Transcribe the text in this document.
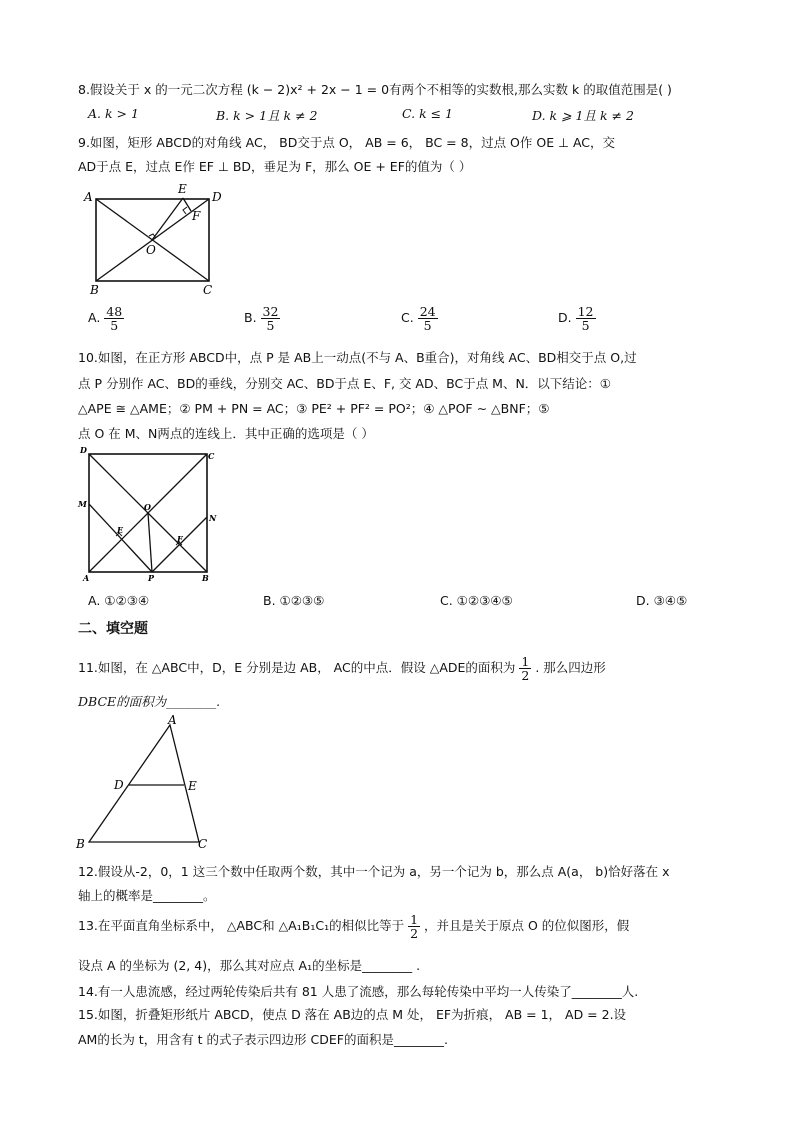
8.假设关于 x 的一元二次方程 (k − 2)x² + 2x − 1 = 0有两个不相等的实数根,那么实数 k 的取值范围是( )
A. k > 1	B. k > 1且 k ≠ 2	C. k ≤ 1	D. k ⩾ 1且 k ≠ 2
9.如图，矩形 ABCD的对角线 AC， BD交于点 O， AB = 6， BC = 8，过点 O作 OE ⊥ AC，交
AD于点 E，过点 E作 EF ⊥ BD，垂足为 F，那么 OE + EF的值为（ ）
A
E
D
F
O
B	C
A. $\frac{48}{5}$	B. $\frac{32}{5}$	C. $\frac{24}{5}$	D. $\frac{12}{5}$
10.如图，在正方形 ABCD中，点 P 是 AB上一动点(不与 A、B重合)，对角线 AC、BD相交于点 O,过
点 P 分别作 AC、BD的垂线，分别交 AC、BD于点 E、F, 交 AD、BC于点 M、N．以下结论：①
△APE ≅ △AME；② PM + PN = AC；③ PE² + PF² = PO²；④ △POF ∼ △BNF；⑤
点 O 在 M、N两点的连线上．其中正确的选项是（ ）
D
C
M	O
N
E
F
A	P	B
A. ①②③④	B. ①②③⑤	C. ①②③④⑤	D. ③④⑤
二、填空题
11.如图，在 △ABC中，D，E 分别是边 AB， AC的中点．假设 △ADE的面积为 $\frac{1}{2}$ . 那么四边形
DBCE的面积为________.
A
D	E
B	C
12.假设从-2，0，1 这三个数中任取两个数，其中一个记为 a，另一个记为 b，那么点 A(a， b)恰好落在 x
轴上的概率是________。
13.在平面直角坐标系中， △ABC和 △A₁B₁C₁的相似比等于 $\frac{1}{2}$ ，并且是关于原点 O 的位似图形，假
设点 A 的坐标为 (2, 4)，那么其对应点 A₁的坐标是________ .
14.有一人患流感，经过两轮传染后共有 81 人患了流感，那么每轮传染中平均一人传染了________人.
15.如图，折叠矩形纸片 ABCD，使点 D 落在 AB边的点 M 处， EF为折痕， AB = 1， AD = 2.设
AM的长为 t，用含有 t 的式子表示四边形 CDEF的面积是________.
